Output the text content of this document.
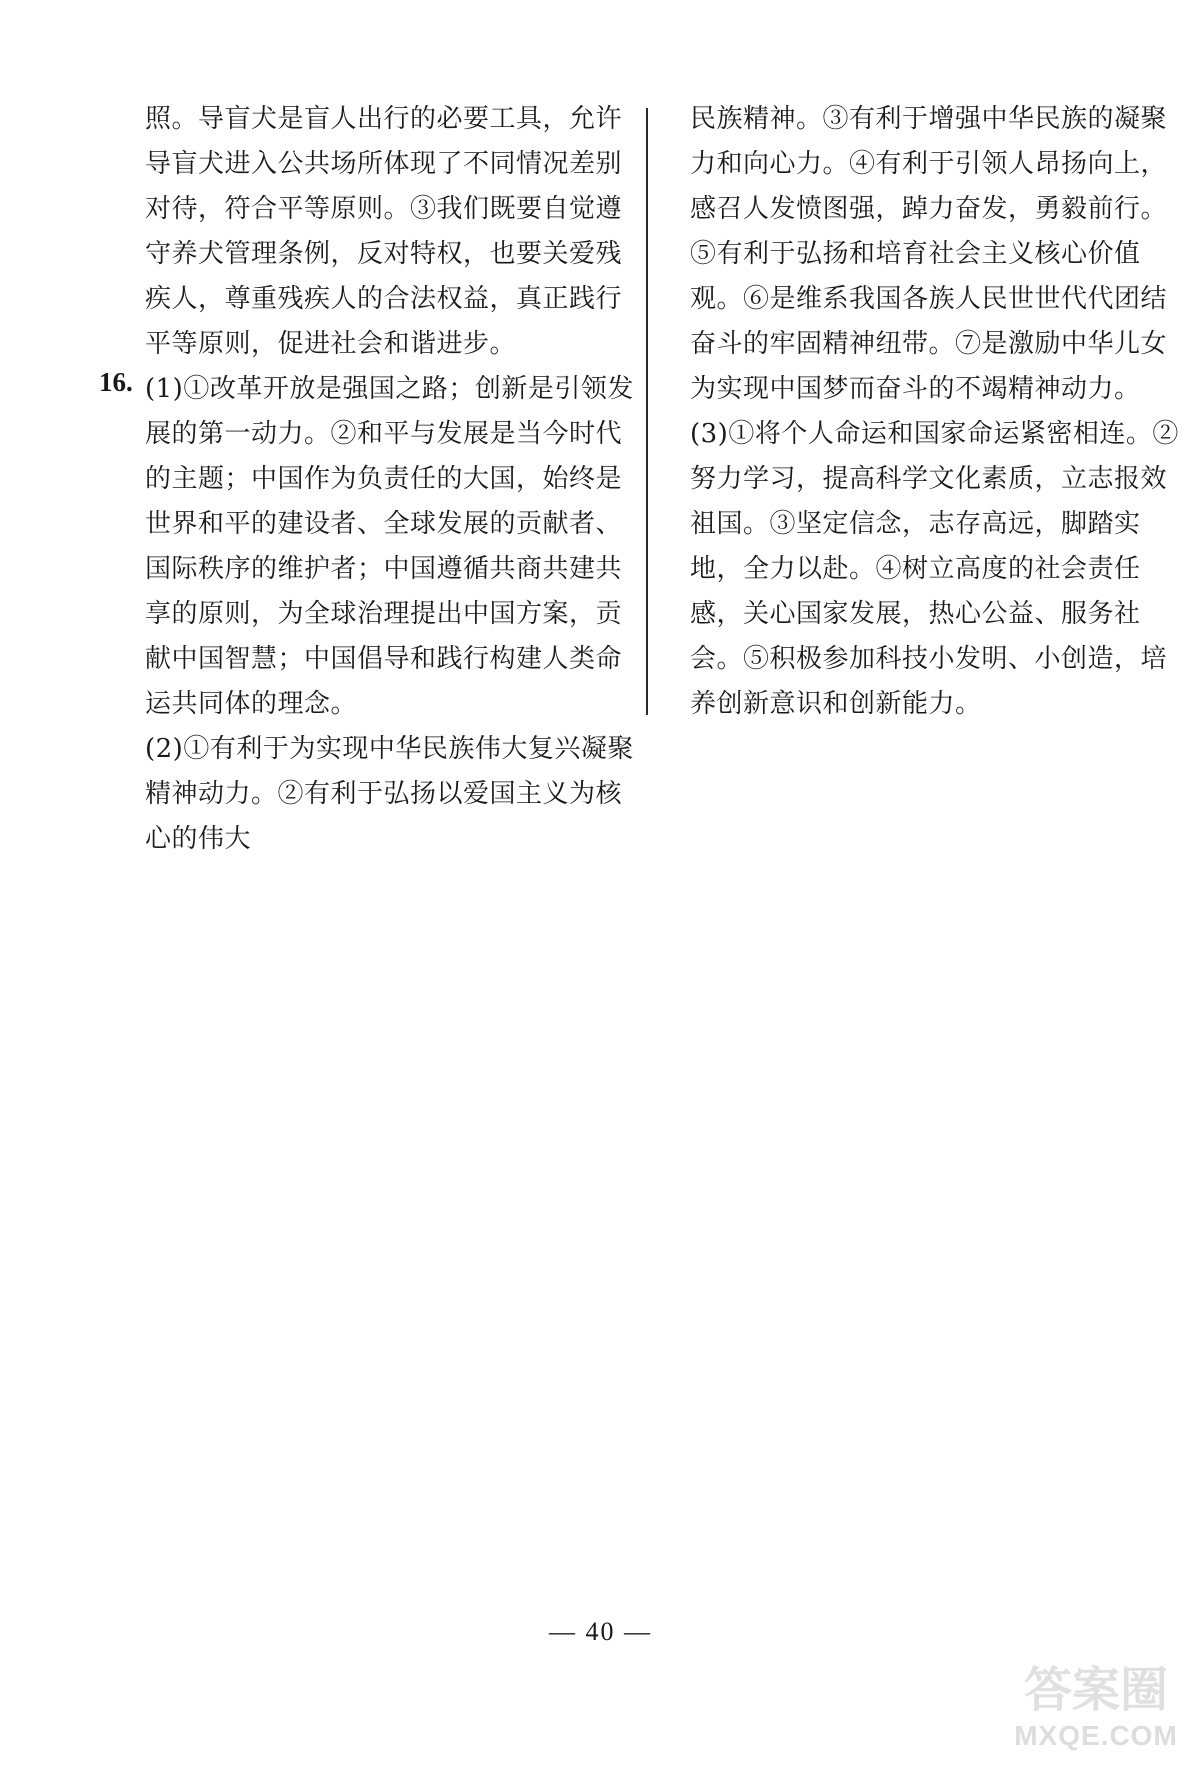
照。导盲犬是盲人出行的必要工具，允许导盲犬进入公共场所体现了不同情况差别对待，符合平等原则。③我们既要自觉遵守养犬管理条例，反对特权，也要关爱残疾人，尊重残疾人的合法权益，真正践行平等原则，促进社会和谐进步。

16. (1)①改革开放是强国之路；创新是引领发展的第一动力。②和平与发展是当今时代的主题；中国作为负责任的大国，始终是世界和平的建设者、全球发展的贡献者、国际秩序的维护者；中国遵循共商共建共享的原则，为全球治理提出中国方案，贡献中国智慧；中国倡导和践行构建人类命运共同体的理念。

(2)①有利于为实现中华民族伟大复兴凝聚精神动力。②有利于弘扬以爱国主义为核心的伟大

民族精神。③有利于增强中华民族的凝聚力和向心力。④有利于引领人昂扬向上，感召人发愤图强，踔力奋发，勇毅前行。⑤有利于弘扬和培育社会主义核心价值观。⑥是维系我国各族人民世世代代团结奋斗的牢固精神纽带。⑦是激励中华儿女为实现中国梦而奋斗的不竭精神动力。

(3)①将个人命运和国家命运紧密相连。②努力学习，提高科学文化素质，立志报效祖国。③坚定信念，志存高远，脚踏实地，全力以赴。④树立高度的社会责任感，关心国家发展，热心公益、服务社会。⑤积极参加科技小发明、小创造，培养创新意识和创新能力。

— 40 —
答案圈
MXQE.COM
